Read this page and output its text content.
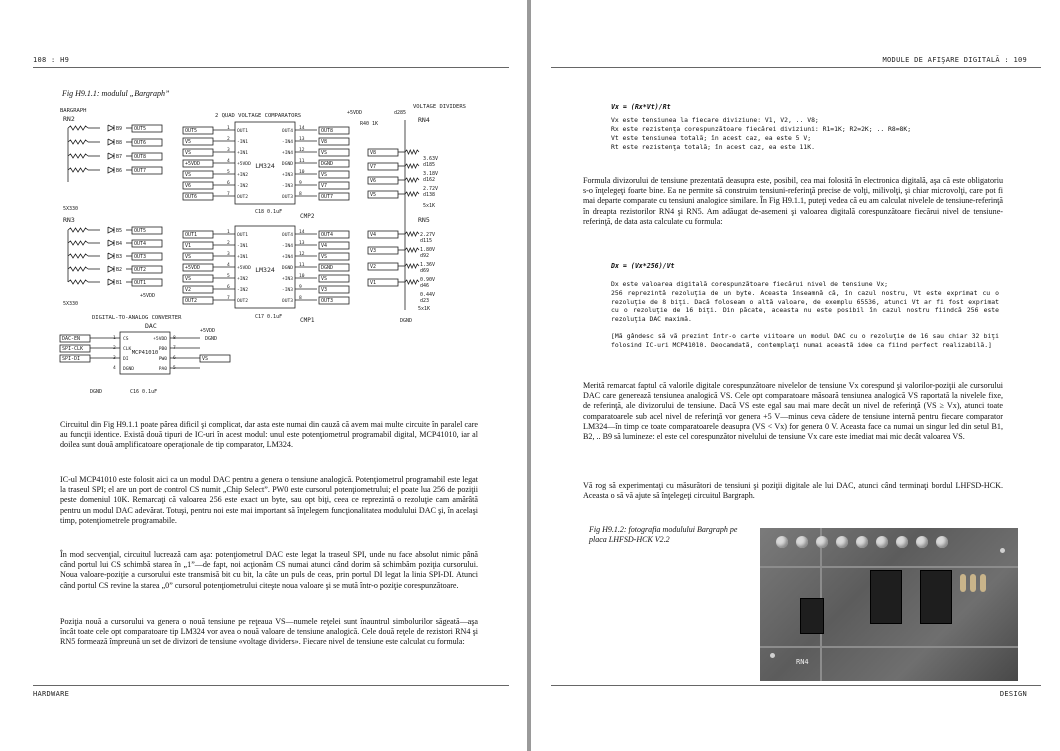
108 : H9
Fig H9.1.1: modulul „Bargraph”
BARGRAPH
RN2
RN3
5X330
5X330
2 QUAD VOLTAGE COMPARATORS
VOLTAGE DIVIDERS
RN4
RN5
5x1K
5x1K
+5VDD	d285
R40 1K
B9 OUT5
B8 OUT6
B7 OUT8
B6 OUT7
B5 OUT5
B4 OUT4
B3 OUT3
B2 OUT2
B1 OUT1
+5VDD
LM324
OUT1	OUT4
1	14
OUT5	OUT8
-IN1	-IN4
2	13
V5	V8
+IN1	+IN4
3	12
VS	VS
+5VDD	DGND
4	11
+5VDD	DGND
+IN2	+IN3
5	10
VS	VS
-IN2	-IN3
6	9
V6	V7
OUT2	OUT3
7	8
OUT6	OUT7
CMP2
LM324
OUT1	OUT4
1	14
OUT1	OUT4
-IN1	-IN4
2	13
V1	V4
+IN1	+IN4
3	12
VS	VS
+5VDD	DGND
4	11
+5VDD	DGND
+IN2	+IN3
5	10
VS	VS
-IN2	-IN3
6	9
V2	V3
OUT2	OUT3
7	8
OUT2	OUT3
CMP1
C18 0.1uF
C17 0.1uF
V8
V7
V6
V5
V4
V3
V2
V1
3.63V
d185
3.18V
d162
2.72V
d138
2.27V
d115
1.80V
d92
1.36V
d69
0.90V
d46
0.44V
d23
DGND
DIGITAL-TO-ANALOG CONVERTER
DAC
MCP41010
CS	+5VDD
1	8
DAC-EN
CLK	PB0
2	7
SPI-CLK
DI	PW0
3	6
SPI-DI
DGND	PA0
4	5
VS
+5VDD
DGND
DGND	C16 0.1uF

Circuitul din Fig H9.1.1 poate părea dificil şi complicat, dar asta este numai din cauză că avem mai multe circuite în paralel care au funcţii identice. Există două tipuri de IC-uri în acest modul: unul este potenţiometrul programabil digital, MCP41010, iar al doilea sunt două amplificatoare operaţionale de tip comparator, LM324.

IC-ul MCP41010 este folosit aici ca un modul DAC pentru a genera o tensiune analogică. Potenţiometrul programabil este legat la traseul SPI; el are un port de control CS numit „Chip Select”. PW0 este cursorul potenţiometrului; el poate lua 256 de poziţii peste domeniul 10K. Remarcaţi că valoarea 256 este exact un byte, sau opt biţi, ceea ce reprezintă o rezoluţie cam amărâtă pentru un modul DAC adevărat. Totuşi, pentru noi este mai important să înţelegem funcţionalitatea modulului DAC şi, în acelaşi timp, potenţiometrele programabile.

În mod secvenţial, circuitul lucrează cam aşa: potenţiometrul DAC este legat la traseul SPI, unde nu face absolut nimic până când portul lui CS schimbă starea în „1”—de fapt, noi acţionăm CS numai atunci când dorim să schimbăm poziţia cursorului. Noua valoare-poziţie a cursorului este transmisă bit cu bit, la câte un puls de ceas, prin portul DI legat la linia SPI-DI. Atunci când portul CS revine la starea „0” cursorul potenţiometrului citeşte noua valoare şi se mută într-o poziţie corespunzătoare.

Poziţia nouă a cursorului va genera o nouă tensiune pe reţeaua VS—numele reţelei sunt înauntrul simbolurilor săgeată—aşa încât toate cele opt comparatoare tip LM324 vor avea o nouă valoare de tensiune analogică. Cele două reţele de rezistori RN4 şi RN5 formează împreună un set de divizori de tensiune «voltage dividers». Fiecare nivel de tensiune este calculat cu formula:

HARDWARE
MODULE DE AFIŞARE DIGITALĂ : 109
Vx = (Rx*Vt)/Rt

Vx este tensiunea la fiecare diviziune: V1, V2, .. V8;

Rx este rezistenţa corespunzătoare fiecărei diviziuni: R1=1K; R2=2K; .. R8=8K;

Vt este tensiunea totală; în acest caz, ea este 5 V;

Rt este rezistenţa totală; în acest caz, ea este 11K.

Formula divizorului de tensiune prezentată deasupra este, posibil, cea mai folosită în electronica digitală, aşa că este obligatoriu s-o înţelegeţi foarte bine. Ea ne permite să construim tensiuni-referinţă precise de volţi, milivolţi, şi chiar microvolţi, care pot fi mai departe comparate cu tensiuni analogice similare. În Fig H9.1.1, puteţi vedea că eu am calculat nivelele de tensiune-referinţă în dreapta rezistorilor RN4 şi RN5. Am adăugat de-asemeni şi valoarea digitală corespunzătoare fiecărui nivel de tensiune-referinţă, de data asta calculate cu formula:

Dx = (Vx*256)/Vt

Dx este valoarea digitală corespunzătoare fiecărui nivel de tensiune Vx;

256 reprezintă rezoluţia de un byte. Aceasta înseamnă că, în cazul nostru, Vt este exprimat cu o rezoluţie de 8 biţi. Dacă foloseam o altă valoare, de exemplu 65536, atunci Vt ar fi fost exprimat cu o rezoluţie de 16 biţi. Din păcate, aceasta nu este posibil în cazul nostru fiindcă 256 este rezoluţia DAC maximă.

[Mă gândesc să vă prezint într-o carte viitoare un modul DAC cu o rezoluţie de 16 sau chiar 32 biţi folosind IC-uri MCP41010. Deocamdată, contemplaţi numai această idee ca fiind perfect realizabilă.]

Merită remarcat faptul că valorile digitale corespunzătoare nivelelor de tensiune Vx corespund şi valorilor-poziţii ale cursorului DAC care generează tensiunea analogică VS. Cele opt comparatoare măsoară tensiunea analogică VS raportată la nivelele fixe, de referinţă, ale divizorului de tensiune. Dacă VS este egal sau mai mare decât un nivel de referinţă (VS ≥ Vx), atunci toate comparatoarele sub acel nivel de referinţă vor genera +5 V—minus ceva cădere de tensiune internă pentru fiecare comparator LM324—în timp ce toate comparatoarele deasupra (VS < Vx) for genera 0 V. Aceasta face ca numai un singur led din setul B1, B2, .. B9 să lumineze: el este cel corespunzător nivelului de tensiune Vx care este imediat mai mic decât valoarea VS.

Vă rog să experimentaţi cu măsurători de tensiuni şi poziţii digitale ale lui DAC, atunci când terminaţi bordul LHFSD-HCK. Aceasta o să vă ajute să înţelegeţi circuitul Bargraph.

Fig H9.1.2: fotografia modulului Bargraph pe placa LHFSD-HCK V2.2
RN4
DESIGN
